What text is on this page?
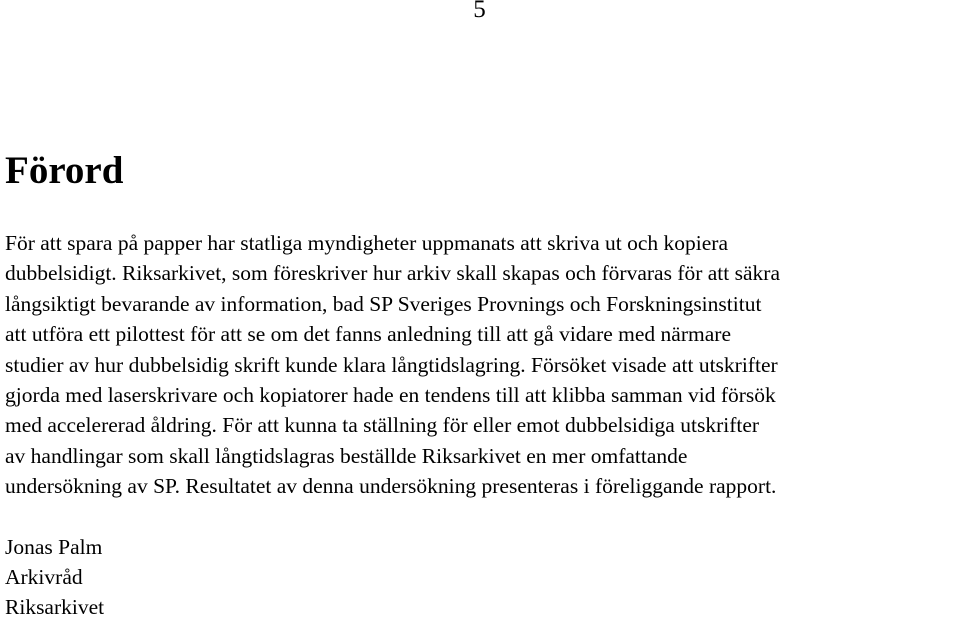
5
Förord

För att spara på papper har statliga myndigheter uppmanats att skriva ut och kopiera
dubbelsidigt. Riksarkivet, som föreskriver hur arkiv skall skapas och förvaras för att säkra
långsiktigt bevarande av information, bad SP Sveriges Provnings och Forskningsinstitut
att utföra ett pilottest för att se om det fanns anledning till att gå vidare med närmare
studier av hur dubbelsidig skrift kunde klara långtidslagring. Försöket visade att utskrifter
gjorda med laserskrivare och kopiatorer hade en tendens till att klibba samman vid försök
med accelererad åldring. För att kunna ta ställning för eller emot dubbelsidiga utskrifter
av handlingar som skall långtidslagras beställde Riksarkivet en mer omfattande
undersökning av SP. Resultatet av denna undersökning presenteras i föreliggande rapport.

Jonas Palm
Arkivråd
Riksarkivet
